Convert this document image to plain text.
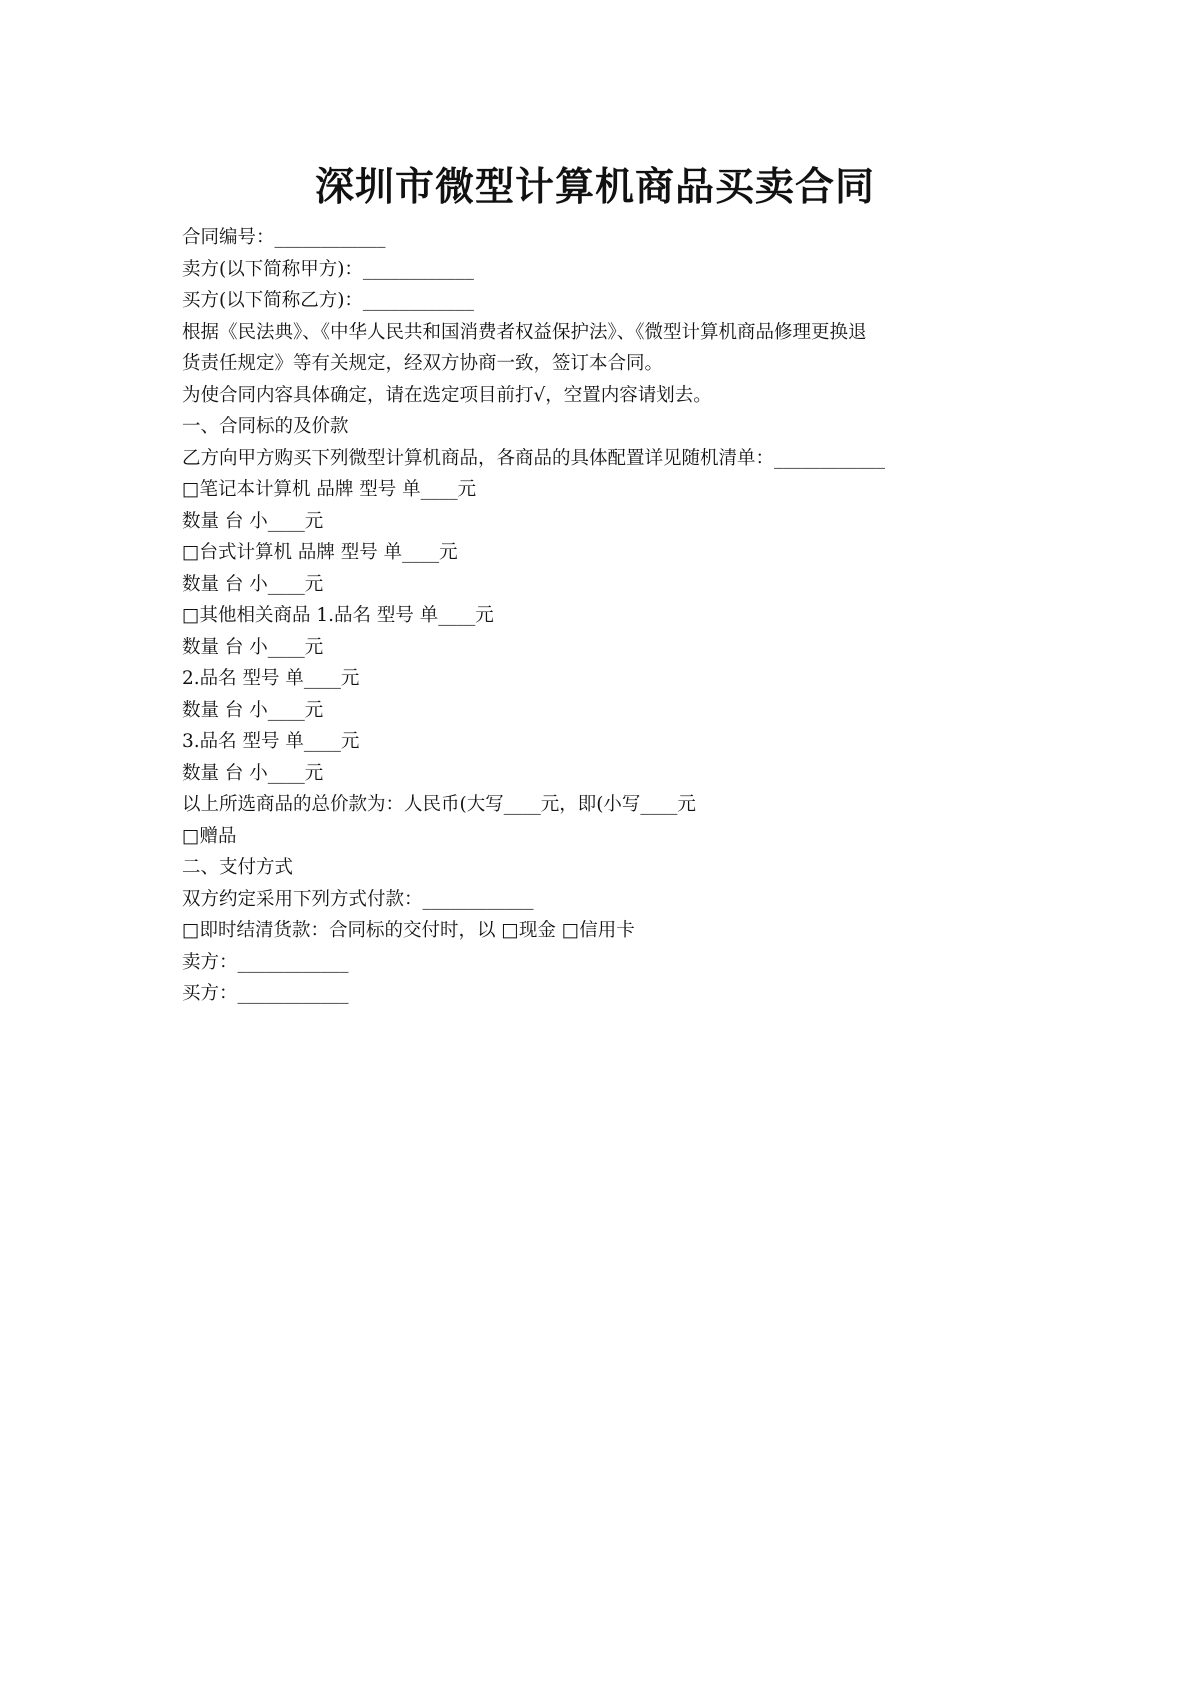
深圳市微型计算机商品买卖合同

合同编号：____________

卖方(以下简称甲方)：____________

买方(以下简称乙方)：____________

根据《民法典》、《中华人民共和国消费者权益保护法》、《微型计算机商品修理更换退

货责任规定》等有关规定，经双方协商一致，签订本合同。

为使合同内容具体确定，请在选定项目前打√，空置内容请划去。

一、合同标的及价款

乙方向甲方购买下列微型计算机商品，各商品的具体配置详见随机清单：____________

□笔记本计算机 品牌 型号 单____元

数量 台 小____元

□台式计算机 品牌 型号 单____元

数量 台 小____元

□其他相关商品 1.品名 型号 单____元

数量 台 小____元

2.品名 型号 单____元

数量 台 小____元

3.品名 型号 单____元

数量 台 小____元

以上所选商品的总价款为：人民币(大写____元，即(小写____元

□赠品

二、支付方式

双方约定采用下列方式付款：____________

□即时结清货款：合同标的交付时，以 □现金 □信用卡

卖方：____________

买方：____________
